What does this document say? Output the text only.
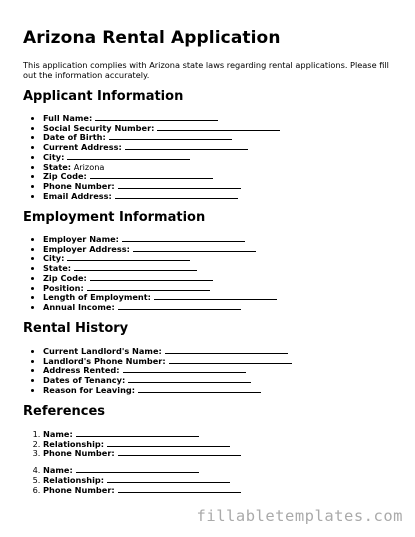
Arizona Rental Application

This application complies with Arizona state laws regarding rental applications. Please fill out the information accurately.

Applicant Information
• Full Name:
• Social Security Number:
• Date of Birth:
• Current Address:
• City:
• State: Arizona
• Zip Code:
• Phone Number:
• Email Address:
Employment Information
• Employer Name:
• Employer Address:
• City:
• State:
• Zip Code:
• Position:
• Length of Employment:
• Annual Income:
Rental History
• Current Landlord's Name:
• Landlord's Phone Number:
• Address Rented:
• Dates of Tenancy:
• Reason for Leaving:
References
1. Name:
2. Relationship:
3. Phone Number:
4. Name:
5. Relationship:
6. Phone Number:
fillabletemplates.com
